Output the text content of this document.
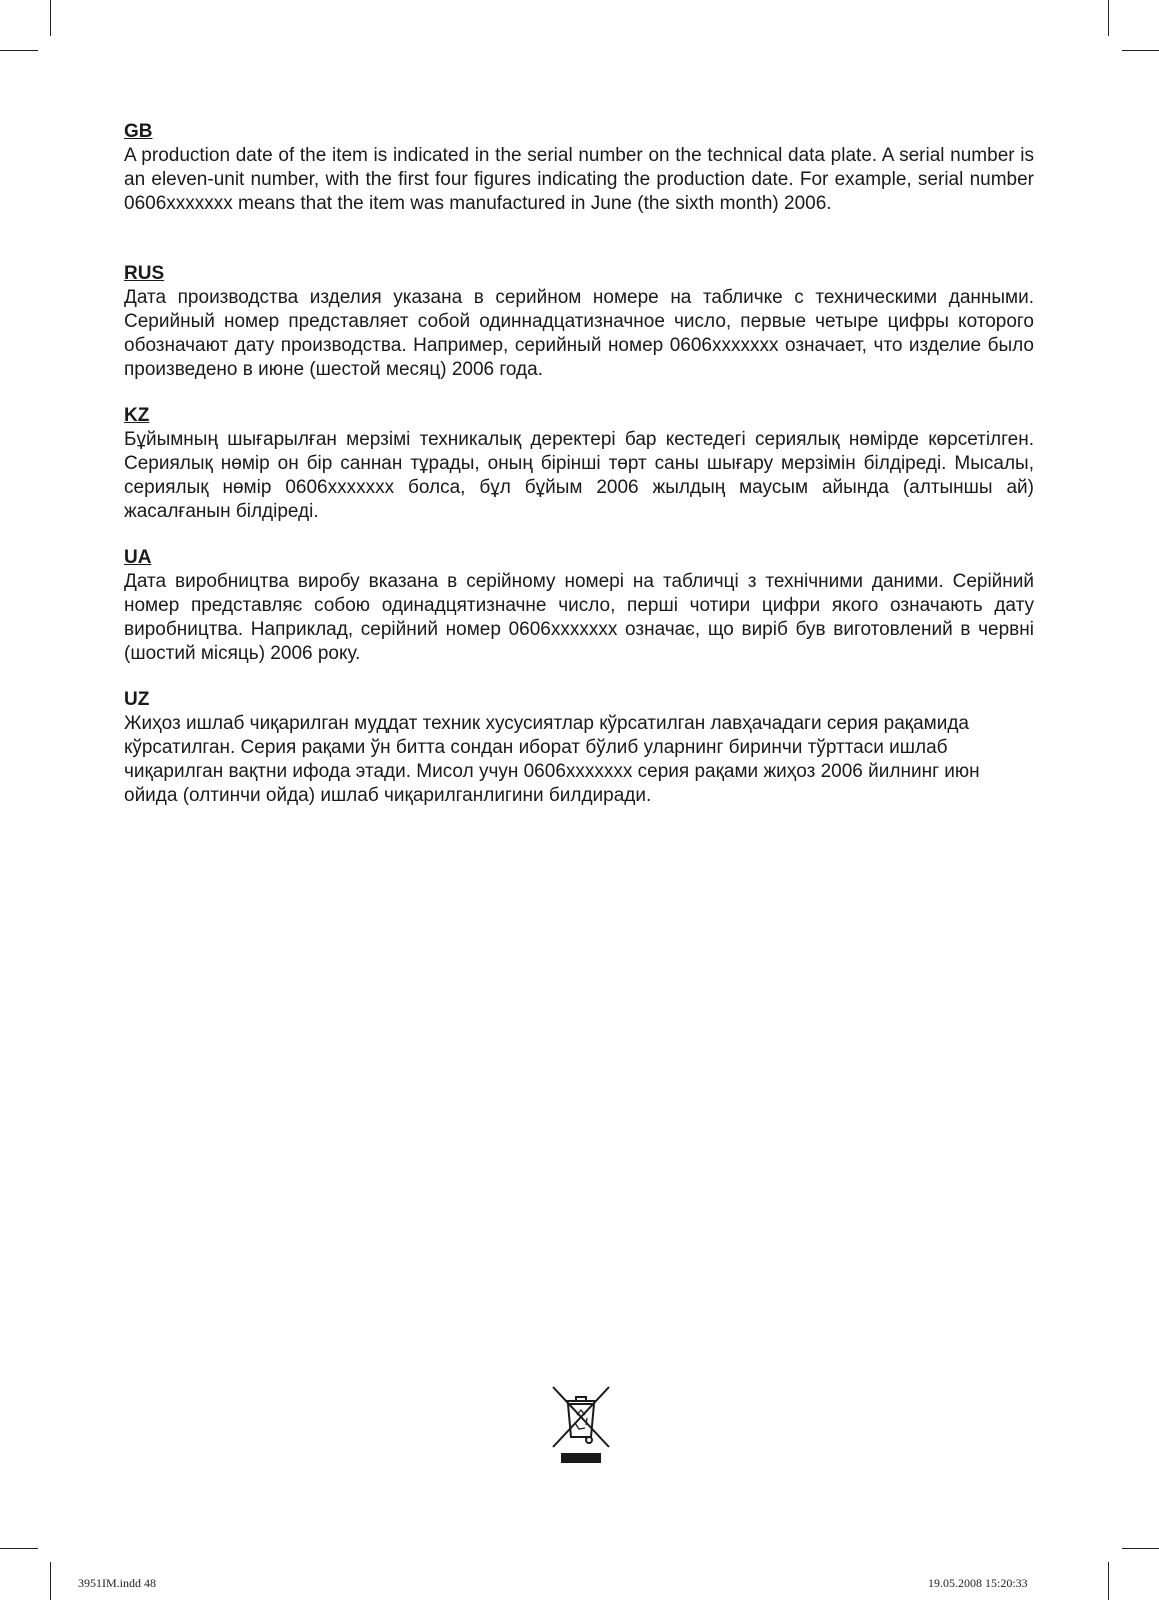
GB

A production date of the item is indicated in the serial number on the technical data plate. A serial number is an eleven-unit number, with the first four figures indicating the production date. For example, serial number 0606xxxxxxx means that the item was manufactured in June (the sixth month) 2006.

RUS

Дата производства изделия указана в серийном номере на табличке с техническими данными. Серийный номер представляет собой одиннадцатизначное число, первые четыре цифры которого обозначают дату производства. Например, серийный номер 0606xxxxxxx означает, что изделие было произведено в июне (шестой месяц) 2006 года.

KZ

Бұйымның шығарылған мерзімі техникалық деректері бар кестедегі сериялық нөмірде көрсетілген. Сериялық нөмір он бір саннан тұрады, оның бірінші төрт саны шығару мерзімін білдіреді. Мысалы, сериялық нөмір 0606xxxxxxx болса, бұл бұйым 2006 жылдың маусым айында (алтыншы ай) жасалғанын білдіреді.

UA

Дата виробництва виробу вказана в серійному номері на табличці з технічними даними. Серійний номер представляє собою одинадцятизначне число, перші чотири цифри якого означають дату виробництва. Наприклад, серійний номер 0606xxxxxxx означає, що виріб був виготовлений в червні (шостий місяць) 2006 року.

UZ

Жиҳоз ишлаб чиқарилган муддат техник хусусиятлар кўрсатилган лавҳачадаги серия рақамида кўрсатилган. Серия рақами ўн битта сондан иборат бўлиб уларнинг биринчи тўрттаси ишлаб чиқарилган вақтни ифода этади. Мисол учун 0606xxxxxxx серия рақами жиҳоз 2006 йилнинг июн ойида (олтинчи ойда) ишлаб чиқарилганлигини билдиради.

3951IM.indd 48	19.05.2008 15:20:33
